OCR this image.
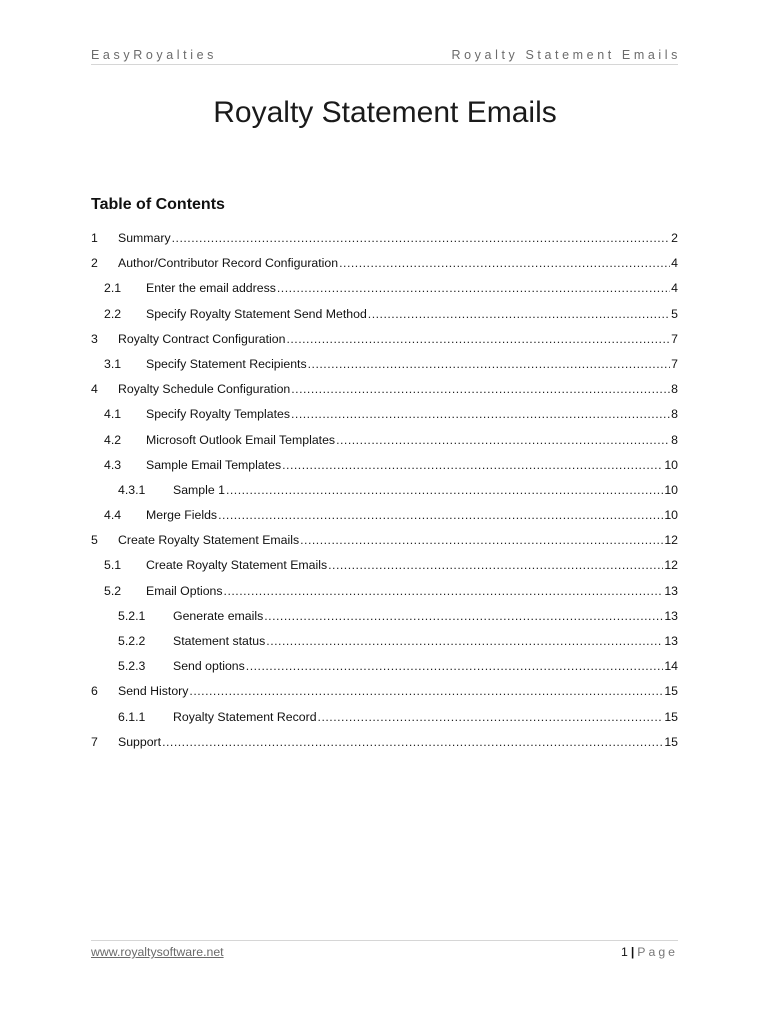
EasyRoyalties	Royalty Statement Emails
Royalty Statement Emails
Table of Contents
1	Summary .....	2
2	Author/Contributor Record Configuration .....	4
2.1	Enter the email address .....	4
2.2	Specify Royalty Statement Send Method .....	5
3	Royalty Contract Configuration .....	7
3.1	Specify Statement Recipients .....	7
4	Royalty Schedule Configuration .....	8
4.1	Specify Royalty Templates .....	8
4.2	Microsoft Outlook Email Templates .....	8
4.3	Sample Email Templates .....	10
4.3.1	Sample 1 .....	10
4.4	Merge Fields .....	10
5	Create Royalty Statement Emails .....	12
5.1	Create Royalty Statement Emails .....	12
5.2	Email Options .....	13
5.2.1	Generate emails .....	13
5.2.2	Statement status .....	13
5.2.3	Send options .....	14
6	Send History .....	15
6.1.1	Royalty Statement Record .....	15
7	Support .....	15
www.royaltysoftware.net	1 | Page
